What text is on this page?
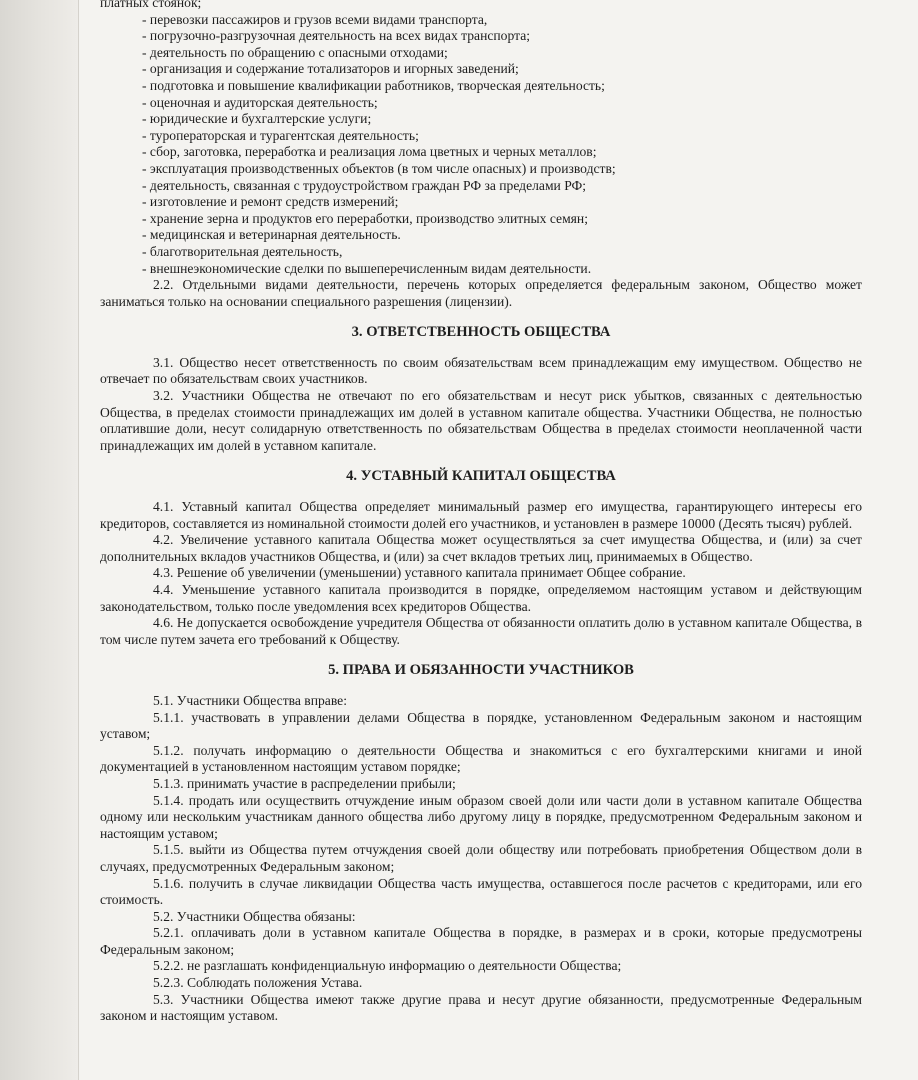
платных стоянок;
- перевозки пассажиров и грузов всеми видами транспорта,
- погрузочно-разгрузочная деятельность на всех видах транспорта;
- деятельность по обращению с опасными отходами;
- организация и содержание тотализаторов и игорных заведений;
- подготовка и повышение квалификации работников, творческая деятельность;
- оценочная и аудиторская деятельность;
- юридические и бухгалтерские услуги;
- туроператорская и турагентская деятельность;
- сбор, заготовка, переработка и реализация лома цветных и черных металлов;
- эксплуатация производственных объектов (в том числе опасных) и производств;
- деятельность, связанная с трудоустройством граждан РФ за пределами РФ;
- изготовление и ремонт средств измерений;
- хранение зерна и продуктов его переработки, производство элитных семян;
- медицинская и ветеринарная деятельность.
- благотворительная деятельность,
- внешнеэкономические сделки по вышеперечисленным видам деятельности.
2.2. Отдельными видами деятельности, перечень которых определяется федеральным законом, Общество может заниматься только на основании специального разрешения (лицензии).
3. ОТВЕТСТВЕННОСТЬ ОБЩЕСТВА
3.1. Общество несет ответственность по своим обязательствам всем принадлежащим ему имуществом. Общество не отвечает по обязательствам своих участников.
3.2. Участники Общества не отвечают по его обязательствам и несут риск убытков, связанных с деятельностью Общества, в пределах стоимости принадлежащих им долей в уставном капитале общества. Участники Общества, не полностью оплатившие доли, несут солидарную ответственность по обязательствам Общества в пределах стоимости неоплаченной части принадлежащих им долей в уставном капитале.
4. УСТАВНЫЙ КАПИТАЛ ОБЩЕСТВА
4.1. Уставный капитал Общества определяет минимальный размер его имущества, гарантирующего интересы его кредиторов, составляется из номинальной стоимости долей его участников, и установлен в размере 10000 (Десять тысяч) рублей.
4.2. Увеличение уставного капитала Общества может осуществляться за счет имущества Общества, и (или) за счет дополнительных вкладов участников Общества, и (или) за счет вкладов третьих лиц, принимаемых в Общество.
4.3. Решение об увеличении (уменьшении) уставного капитала принимает Общее собрание.
4.4. Уменьшение уставного капитала производится в порядке, определяемом настоящим уставом и действующим законодательством, только после уведомления всех кредиторов Общества.
4.6. Не допускается освобождение учредителя Общества от обязанности оплатить долю в уставном капитале Общества, в том числе путем зачета его требований к Обществу.
5. ПРАВА И ОБЯЗАННОСТИ УЧАСТНИКОВ
5.1. Участники Общества вправе:
5.1.1. участвовать в управлении делами Общества в порядке, установленном Федеральным законом и настоящим уставом;
5.1.2. получать информацию о деятельности Общества и знакомиться с его бухгалтерскими книгами и иной документацией в установленном настоящим уставом порядке;
5.1.3. принимать участие в распределении прибыли;
5.1.4. продать или осуществить отчуждение иным образом своей доли или части доли в уставном капитале Общества одному или нескольким участникам данного общества либо другому лицу в порядке, предусмотренном Федеральным законом и настоящим уставом;
5.1.5. выйти из Общества путем отчуждения своей доли обществу или потребовать приобретения Обществом доли в случаях, предусмотренных Федеральным законом;
5.1.6. получить в случае ликвидации Общества часть имущества, оставшегося после расчетов с кредиторами, или его стоимость.
5.2. Участники Общества обязаны:
5.2.1. оплачивать доли в уставном капитале Общества в порядке, в размерах и в сроки, которые предусмотрены Федеральным законом;
5.2.2. не разглашать конфиденциальную информацию о деятельности Общества;
5.2.3. Соблюдать положения Устава.
5.3. Участники Общества имеют также другие права и несут другие обязанности, предусмотренные Федеральным законом и настоящим уставом.
